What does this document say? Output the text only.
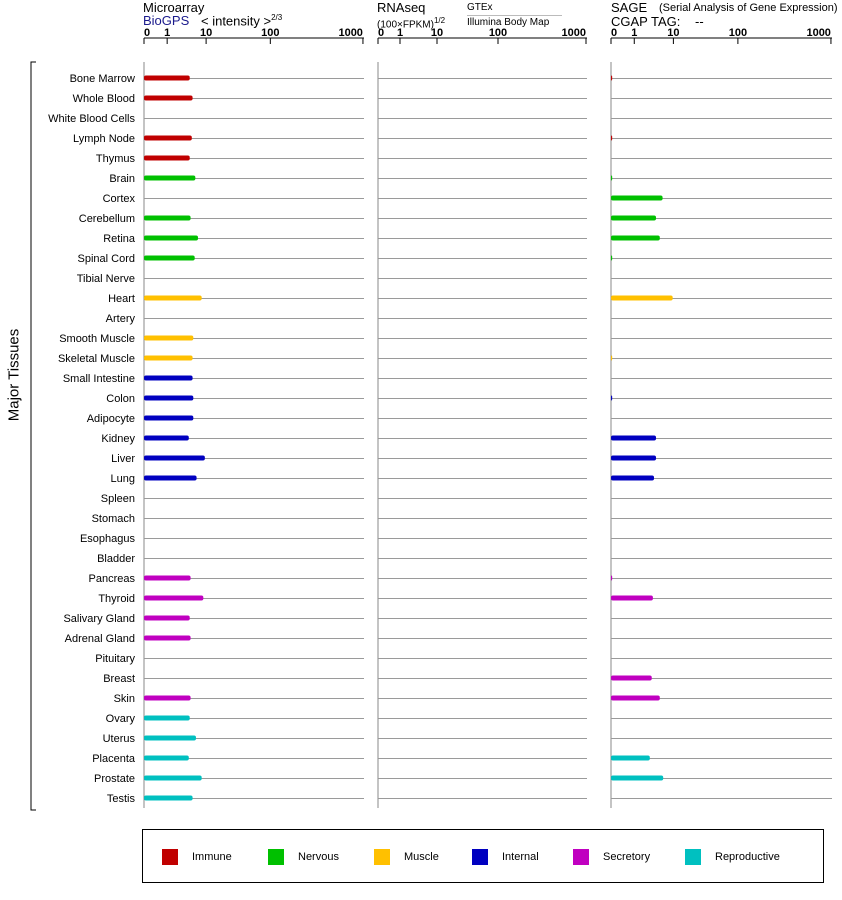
0 1	10	100	1000 0 1	10	100	1000 0 1	10	100	1000
Bone Marrow
Whole Blood
White Blood Cells
Lymph Node
Thymus
Brain
Cortex
Cerebellum
Retina
Spinal Cord
Tibial Nerve
Heart
Artery
Smooth Muscle
Skeletal Muscle
Small Intestine
Colon
Adipocyte
Kidney
Liver
Lung
Spleen
Stomach
Esophagus
Bladder
Pancreas
Thyroid
Salivary Gland
Adrenal Gland
Pituitary
Breast
Skin
Ovary
Uterus
Placenta
Prostate
Testis
Microarray
BioGPS < intensity >$^{2/3}$
RNAseq
(100×FPKM)$^{1/2}$
GTEx
Illumina Body Map
SAGE (Serial Analysis of Gene Expression)
CGAP TAG: --
Major Tissues
Immune	Nervous	Muscle	Internal	Secretory	Reproductive
